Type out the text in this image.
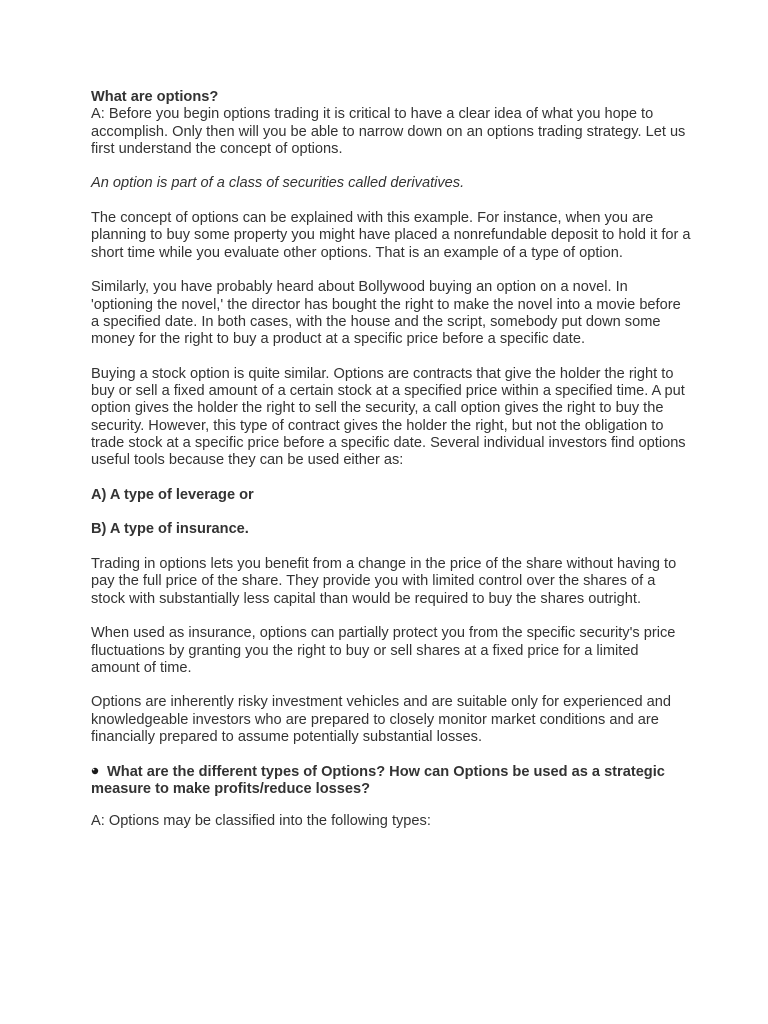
What are options?

A: Before you begin options trading it is critical to have a clear idea of what you hope to accomplish. Only then will you be able to narrow down on an options trading strategy. Let us first understand the concept of options.

An option is part of a class of securities called derivatives.

The concept of options can be explained with this example. For instance, when you are planning to buy some property you might have placed a nonrefundable deposit to hold it for a short time while you evaluate other options. That is an example of a type of option.

Similarly, you have probably heard about Bollywood buying an option on a novel. In 'optioning the novel,' the director has bought the right to make the novel into a movie before a specified date. In both cases, with the house and the script, somebody put down some money for the right to buy a product at a specific price before a specific date.

Buying a stock option is quite similar. Options are contracts that give the holder the right to buy or sell a fixed amount of a certain stock at a specified price within a specified time. A put option gives the holder the right to sell the security, a call option gives the right to buy the security. However, this type of contract gives the holder the right, but not the obligation to trade stock at a specific price before a specific date. Several individual investors find options useful tools because they can be used either as:

A) A type of leverage or

B) A type of insurance.

Trading in options lets you benefit from a change in the price of the share without having to pay the full price of the share. They provide you with limited control over the shares of a stock with substantially less capital than would be required to buy the shares outright.

When used as insurance, options can partially protect you from the specific security's price fluctuations by granting you the right to buy or sell shares at a fixed price for a limited amount of time.

Options are inherently risky investment vehicles and are suitable only for experienced and knowledgeable investors who are prepared to closely monitor market conditions and are financially prepared to assume potentially substantial losses.

What are the different types of Options? How can Options be used as a strategic measure to make profits/reduce losses?

A: Options may be classified into the following types:
